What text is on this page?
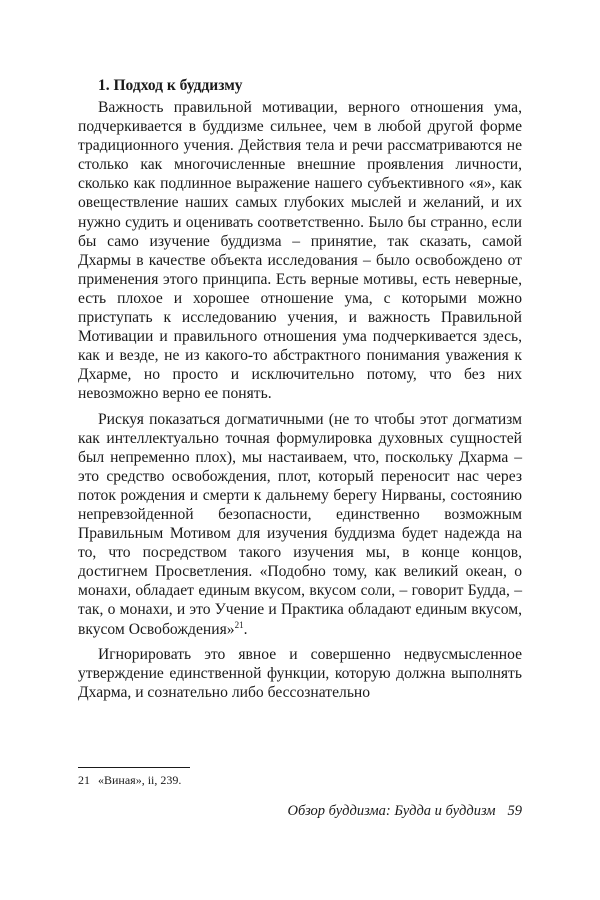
1. Подход к буддизму

Важность правильной мотивации, верного отношения ума, подчеркивается в буддизме сильнее, чем в любой другой форме традиционного учения. Действия тела и речи рассматриваются не столько как многочисленные внешние проявления личности, сколько как подлинное выражение нашего субъективного «я», как овеществление наших самых глубоких мыслей и желаний, и их нужно судить и оценивать соответственно. Было бы странно, если бы само изучение буддизма – принятие, так сказать, самой Дхармы в качестве объекта исследования – было освобождено от применения этого принципа. Есть верные мотивы, есть неверные, есть плохое и хорошее отношение ума, с которыми можно приступать к исследованию учения, и важность Правильной Мотивации и правильного отношения ума подчеркивается здесь, как и везде, не из какого-то абстрактного понимания уважения к Дхарме, но просто и исключительно потому, что без них невозможно верно ее понять.

Рискуя показаться догматичными (не то чтобы этот догматизм как интеллектуально точная формулировка духовных сущностей был непременно плох), мы настаиваем, что, поскольку Дхарма – это средство освобождения, плот, который переносит нас через поток рождения и смерти к дальнему берегу Нирваны, состоянию непревзойденной безопасности, единственно возможным Правильным Мотивом для изучения буддизма будет надежда на то, что посредством такого изучения мы, в конце концов, достигнем Просветления. «Подобно тому, как великий океан, о монахи, обладает единым вкусом, вкусом соли, – говорит Будда, – так, о монахи, и это Учение и Практика обладают единым вкусом, вкусом Освобождения»$^{21}$.

Игнорировать это явное и совершенно недвусмысленное утверждение единственной функции, которую должна выполнять Дхарма, и сознательно либо бессознательно

21 «Виная», ii, 239.
Обзор буддизма: Будда и буддизм 59
